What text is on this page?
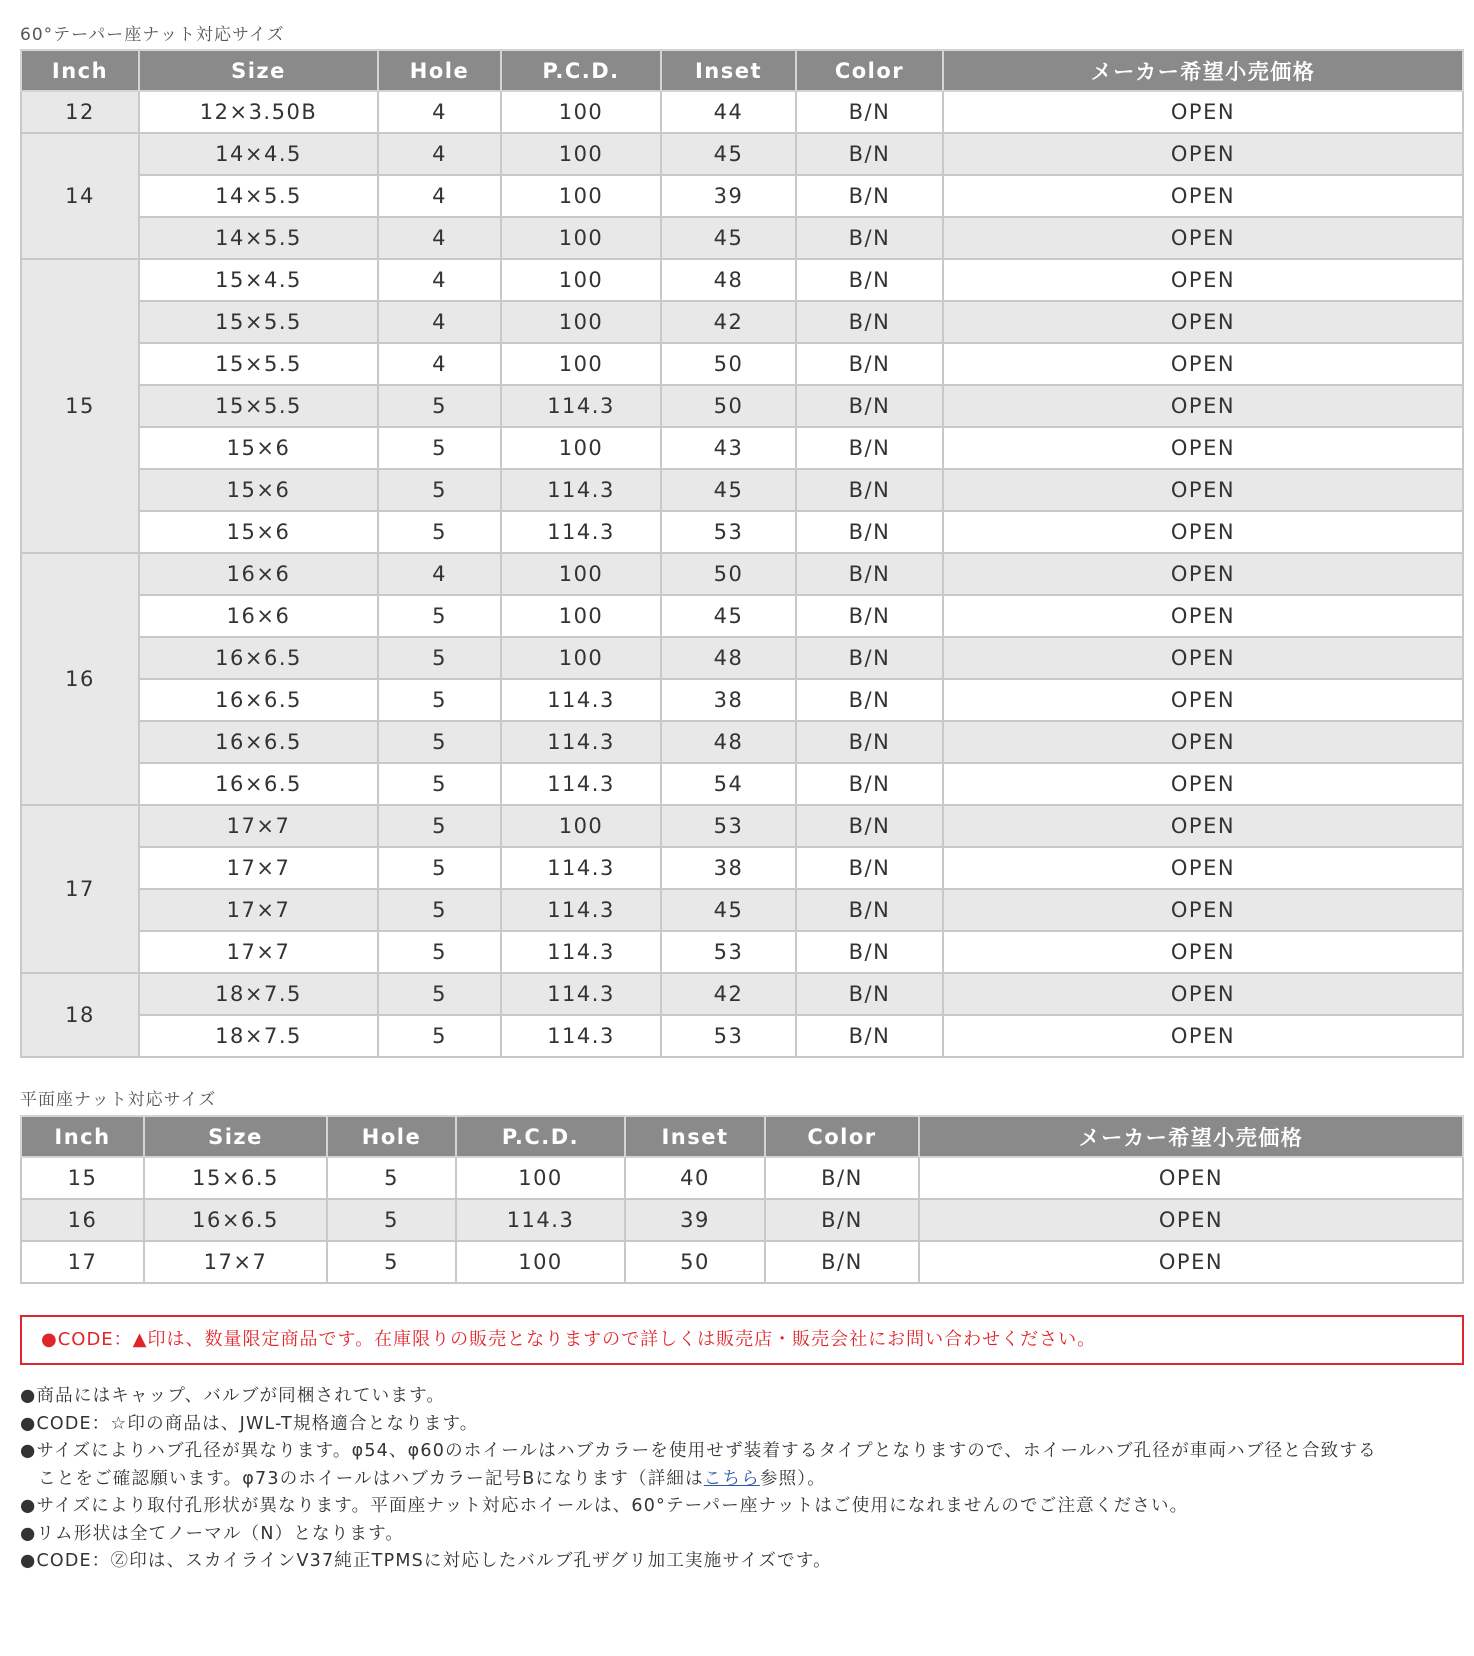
60°テーパー座ナット対応サイズ
Inch	Size	Hole	P.C.D.	Inset	Color	メーカー希望小売価格
12	12×3.50B	4	100	44	B/N	OPEN
14	14×4.5	4	100	45	B/N	OPEN
	14×5.5	4	100	39	B/N	OPEN
	14×5.5	4	100	45	B/N	OPEN
15	15×4.5	4	100	48	B/N	OPEN
	15×5.5	4	100	42	B/N	OPEN
	15×5.5	4	100	50	B/N	OPEN
	15×5.5	5	114.3	50	B/N	OPEN
	15×6	5	100	43	B/N	OPEN
	15×6	5	114.3	45	B/N	OPEN
	15×6	5	114.3	53	B/N	OPEN
16	16×6	4	100	50	B/N	OPEN
	16×6	5	100	45	B/N	OPEN
	16×6.5	5	100	48	B/N	OPEN
	16×6.5	5	114.3	38	B/N	OPEN
	16×6.5	5	114.3	48	B/N	OPEN
	16×6.5	5	114.3	54	B/N	OPEN
17	17×7	5	100	53	B/N	OPEN
	17×7	5	114.3	38	B/N	OPEN
	17×7	5	114.3	45	B/N	OPEN
	17×7	5	114.3	53	B/N	OPEN
18	18×7.5	5	114.3	42	B/N	OPEN
	18×7.5	5	114.3	53	B/N	OPEN
平面座ナット対応サイズ
Inch	Size	Hole	P.C.D.	Inset	Color	メーカー希望小売価格
15	15×6.5	5	100	40	B/N	OPEN
16	16×6.5	5	114.3	39	B/N	OPEN
17	17×7	5	100	50	B/N	OPEN
●CODE：▲印は、数量限定商品です。在庫限りの販売となりますので詳しくは販売店・販売会社にお問い合わせください。

●商品にはキャップ、バルブが同梱されています。

●CODE：☆印の商品は、JWL-T規格適合となります。

●サイズによりハブ孔径が異なります。φ54、φ60のホイールはハブカラーを使用せず装着するタイプとなりますので、ホイールハブ孔径が車両ハブ径と合致する

ことをご確認願います。φ73のホイールはハブカラー記号Bになります（詳細はこちら参照）。

●サイズにより取付孔形状が異なります。平面座ナット対応ホイールは、60°テーパー座ナットはご使用になれませんのでご注意ください。

●リム形状は全てノーマル（N）となります。

●CODE：Ⓩ印は、スカイラインV37純正TPMSに対応したバルブ孔ザグリ加工実施サイズです。
